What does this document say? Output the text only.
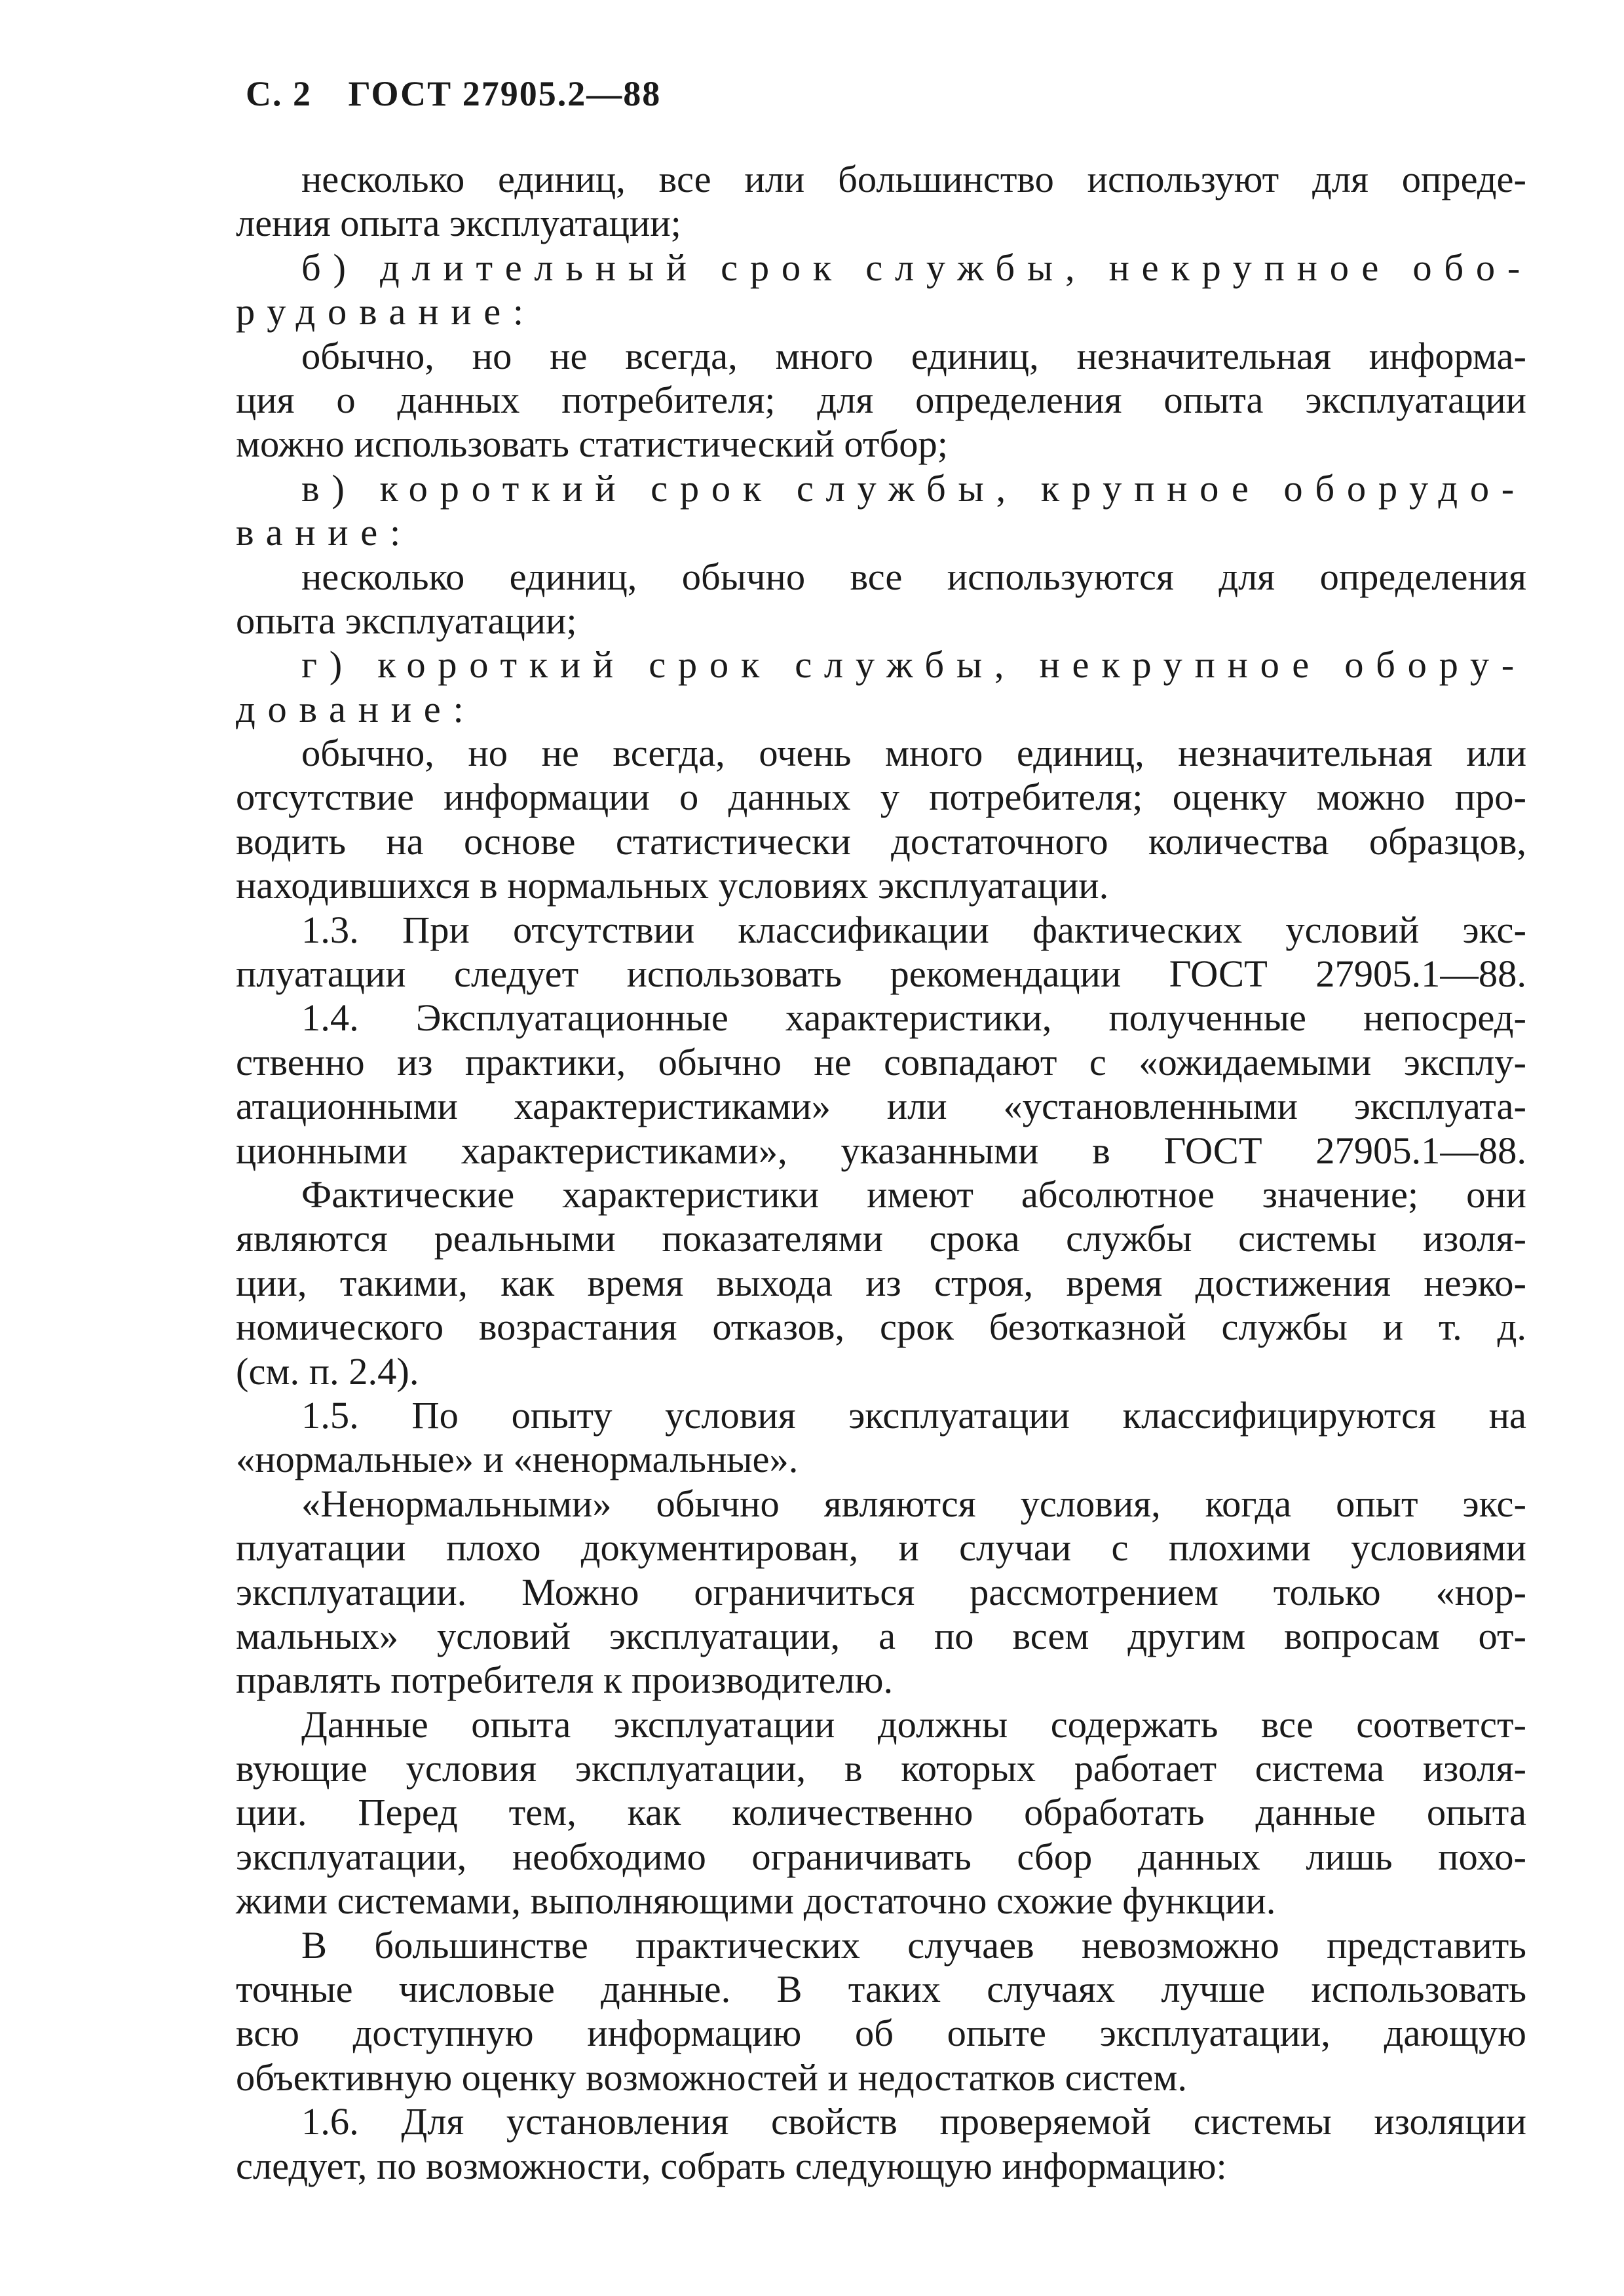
С. 2 ГОСТ 27905.2—88
несколько единиц, все или большинство используют для опреде-
ления опыта эксплуатации;
б) длительный срок службы, некрупное обо-
рудование:
обычно, но не всегда, много единиц, незначительная информа-
ция о данных потребителя; для определения опыта эксплуатации
можно использовать статистический отбор;
в) короткий срок службы, крупное оборудо-
вание:
несколько единиц, обычно все используются для определения
опыта эксплуатации;
г) короткий срок службы, некрупное обору-
дование:
обычно, но не всегда, очень много единиц, незначительная или
отсутствие информации о данных у потребителя; оценку можно про-
водить на основе статистически достаточного количества образцов,
находившихся в нормальных условиях эксплуатации.
1.3. При отсутствии классификации фактических условий экс-
плуатации следует использовать рекомендации ГОСТ 27905.1—88.
1.4. Эксплуатационные характеристики, полученные непосред-
ственно из практики, обычно не совпадают с «ожидаемыми эксплу-
атационными характеристиками» или «установленными эксплуата-
ционными характеристиками», указанными в ГОСТ 27905.1—88.
Фактические характеристики имеют абсолютное значение; они
являются реальными показателями срока службы системы изоля-
ции, такими, как время выхода из строя, время достижения неэко-
номического возрастания отказов, срок безотказной службы и т. д.
(см. п. 2.4).
1.5. По опыту условия эксплуатации классифицируются на
«нормальные» и «ненормальные».
«Ненормальными» обычно являются условия, когда опыт экс-
плуатации плохо документирован, и случаи с плохими условиями
эксплуатации. Можно ограничиться рассмотрением только «нор-
мальных» условий эксплуатации, а по всем другим вопросам от-
правлять потребителя к производителю.
Данные опыта эксплуатации должны содержать все соответст-
вующие условия эксплуатации, в которых работает система изоля-
ции. Перед тем, как количественно обработать данные опыта
эксплуатации, необходимо ограничивать сбор данных лишь похо-
жими системами, выполняющими достаточно схожие функции.
В большинстве практических случаев невозможно представить
точные числовые данные. В таких случаях лучше использовать
всю доступную информацию об опыте эксплуатации, дающую
объективную оценку возможностей и недостатков систем.
1.6. Для установления свойств проверяемой системы изоляции
следует, по возможности, собрать следующую информацию:
